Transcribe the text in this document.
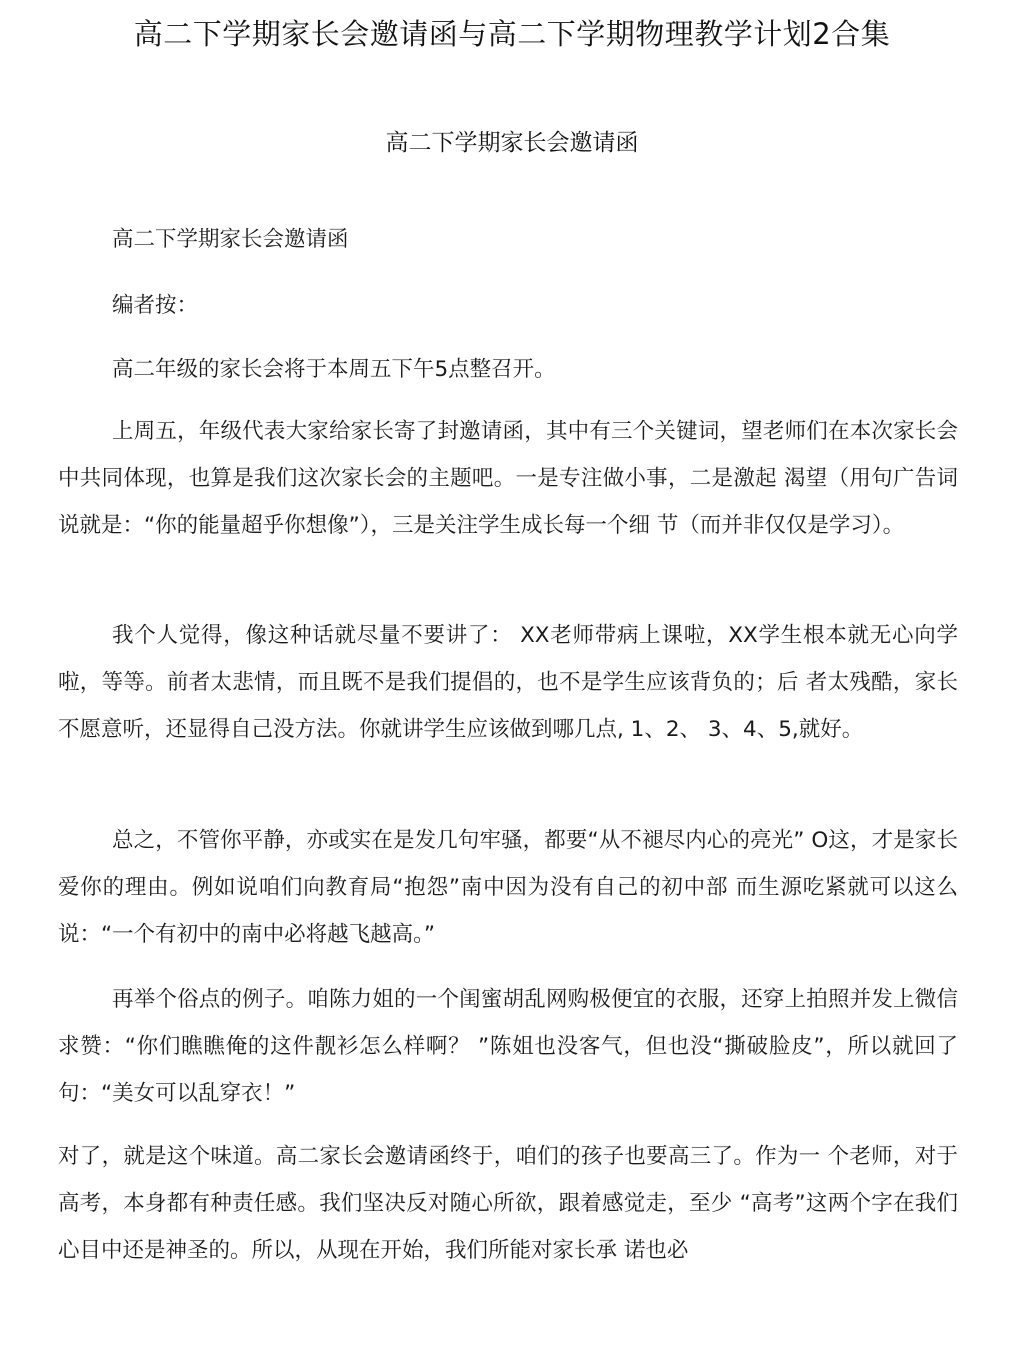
高二下学期家长会邀请函与高二下学期物理教学计划2合集
高二下学期家长会邀请函
高二下学期家长会邀请函
编者按：
高二年级的家长会将于本周五下午5点整召开。
上周五，年级代表大家给家长寄了封邀请函，其中有三个关键词，望老师们在本次家长会中共同体现，也算是我们这次家长会的主题吧。一是专注做小事，二是激起 渴望（用句广告词说就是：“你的能量超乎你想像”），三是关注学生成长每一个细 节（而并非仅仅是学习）。
我个人觉得，像这种话就尽量不要讲了： XX老师带病上课啦，XX学生根本就无心向学啦，等等。前者太悲情，而且既不是我们提倡的，也不是学生应该背负的；后 者太残酷，家长不愿意听，还显得自己没方法。你就讲学生应该做到哪几点, 1、2、 3、4、5,就好。
总之，不管你平静，亦或实在是发几句牢骚，都要“从不褪尽内心的亮光” O这，才是家长爱你的理由。例如说咱们向教育局“抱怨”南中因为没有自己的初中部 而生源吃紧就可以这么说：“一个有初中的南中必将越飞越高。”
再举个俗点的例子。咱陈力姐的一个闺蜜胡乱网购极便宜的衣服，还穿上拍照并发上微信求赞：“你们瞧瞧俺的这件靓衫怎么样啊？ ”陈姐也没客气，但也没“撕破脸皮”，所以就回了句：“美女可以乱穿衣！”
对了，就是这个味道。高二家长会邀请函终于，咱们的孩子也要高三了。作为一 个老师，对于高考，本身都有种责任感。我们坚决反对随心所欲，跟着感觉走，至少 “高考”这两个字在我们心目中还是神圣的。所以，从现在开始，我们所能对家长承 诺也必
